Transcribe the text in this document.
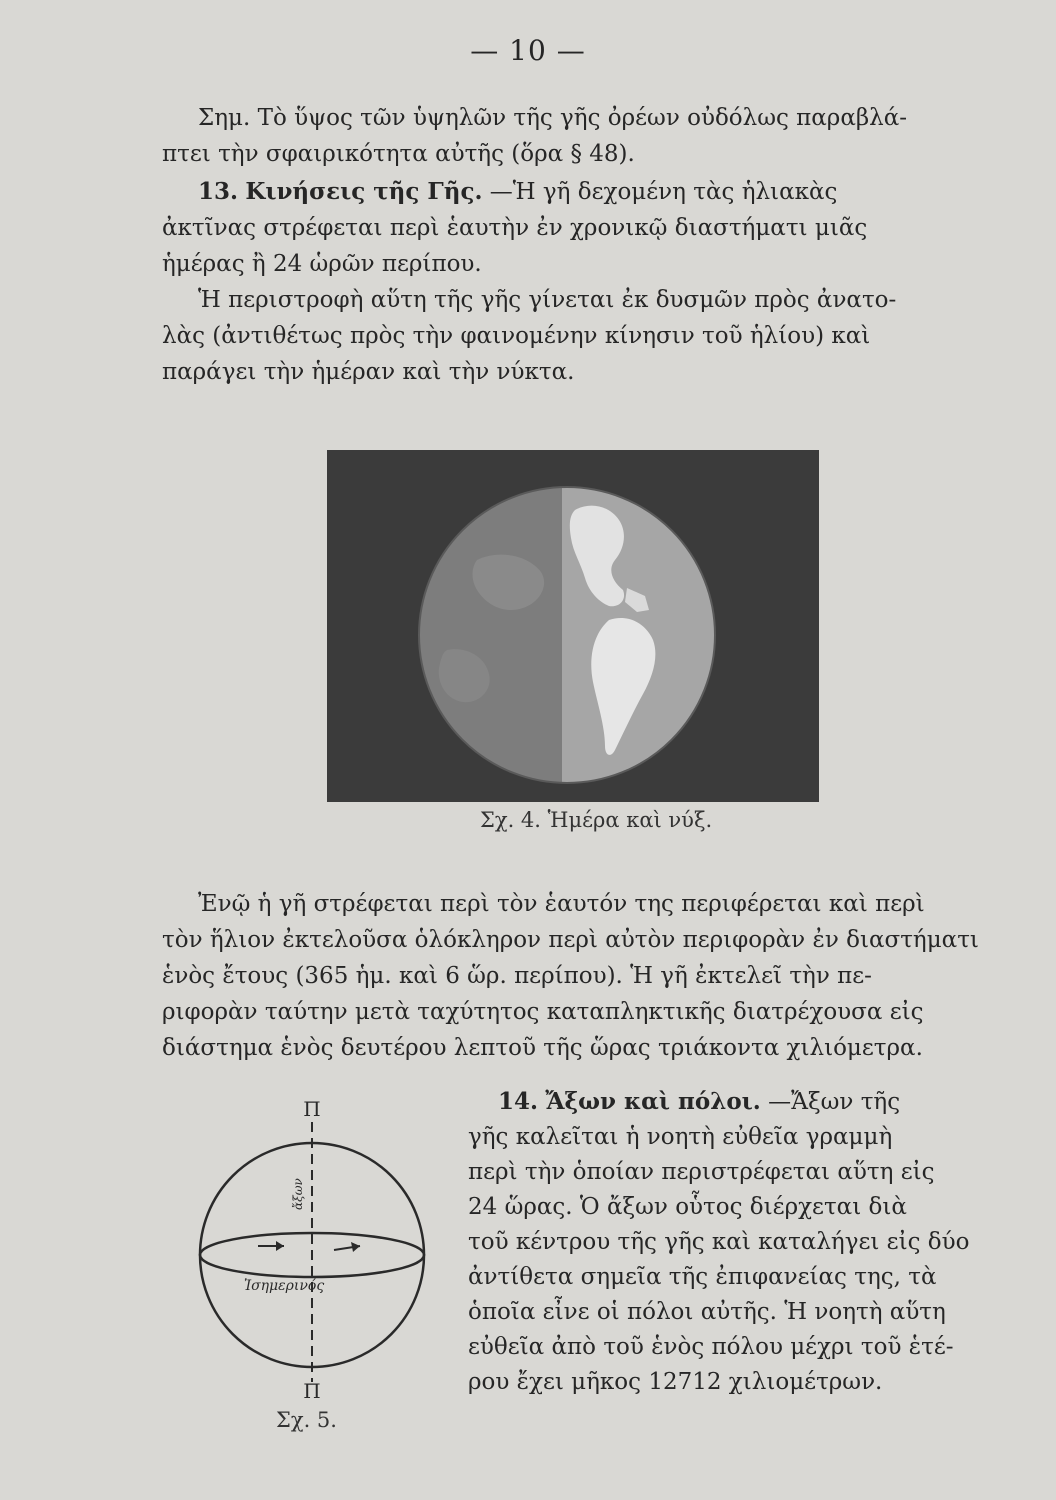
— 10 —
Σημ. Τὸ ὕψος τῶν ὑψηλῶν τῆς γῆς ὀρέων οὐδόλως παραβλά-
πτει τὴν σφαιρικότητα αὐτῆς (ὅρα § 48).
13. Κινήσεις τῆς Γῆς. —Ἡ γῆ δεχομένη τὰς ἡλιακὰς
ἀκτῖνας στρέφεται περὶ ἑαυτὴν ἐν χρονικῷ διαστήματι μιᾶς
ἡμέρας ἢ 24 ὡρῶν περίπου.
Ἡ περιστροφὴ αὕτη τῆς γῆς γίνεται ἐκ δυσμῶν πρὸς ἀνατο-
λὰς (ἀντιθέτως πρὸς τὴν φαινομένην κίνησιν τοῦ ἡλίου) καὶ
παράγει τὴν ἡμέραν καὶ τὴν νύκτα.
Σχ. 4. Ἡμέρα καὶ νύξ.
Ἐνῷ ἡ γῆ στρέφεται περὶ τὸν ἑαυτόν της περιφέρεται καὶ περὶ
τὸν ἥλιον ἐκτελοῦσα ὁλόκληρον περὶ αὐτὸν περιφορὰν ἐν διαστήματι
ἑνὸς ἔτους (365 ἡμ. καὶ 6 ὥρ. περίπου). Ἡ γῆ ἐκτελεῖ τὴν πε-
ριφορὰν ταύτην μετὰ ταχύτητος καταπληκτικῆς διατρέχουσα εἰς
διάστημα ἑνὸς δευτέρου λεπτοῦ τῆς ὥρας τριάκοντα χιλιόμετρα.
Π
ἄξων
Ἰσημερινός
Π
Σχ. 5.
14. Ἄξων καὶ πόλοι. —Ἄξων τῆς
γῆς καλεῖται ἡ νοητὴ εὐθεῖα γραμμὴ
περὶ τὴν ὁποίαν περιστρέφεται αὕτη εἰς
24 ὥρας. Ὁ ἄξων οὗτος διέρχεται διὰ
τοῦ κέντρου τῆς γῆς καὶ καταλήγει εἰς δύο
ἀντίθετα σημεῖα τῆς ἐπιφανείας της, τὰ
ὁποῖα εἶνε οἱ πόλοι αὐτῆς. Ἡ νοητὴ αὕτη
εὐθεῖα ἀπὸ τοῦ ἑνὸς πόλου μέχρι τοῦ ἑτέ-
ρου ἔχει μῆκος 12712 χιλιομέτρων.
